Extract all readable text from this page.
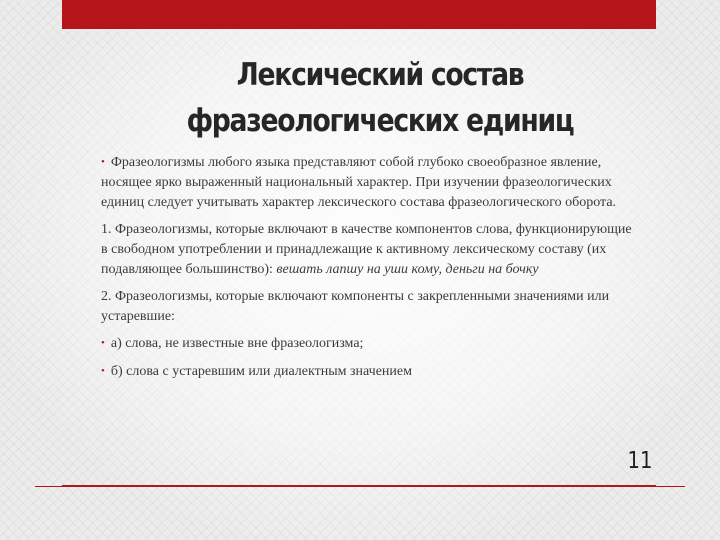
Лексический состав
фразеологических единиц

• Фразеологизмы любого языка представляют собой глубоко своеобразное явление, носящее ярко выраженный национальный характер. При изучении фразеологических единиц следует учитывать характер лексического состава фразеологического оборота.

1. Фразеологизмы, которые включают в качестве компонентов слова, функционирующие в свободном употреблении и принадлежащие к активному лексическому составу (их подавляющее большинство): вешать лапшу на уши кому, деньги на бочку

2. Фразеологизмы, которые включают компоненты с закрепленными значениями или устаревшие:

• а) слова, не известные вне фразеологизма;

• б) слова с устаревшим или диалектным значением

11
